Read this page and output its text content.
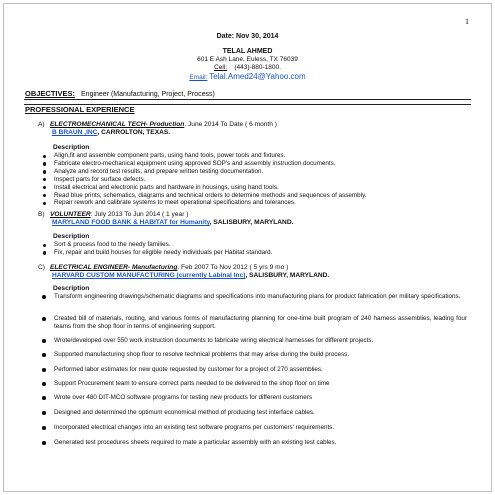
1
Date: Nov 30, 2014
TELAL AHMED
601 E Ash Lane, Euless, TX 76039
Cell: (443)-880-1800.
Email: Telal.Amed24@Yahoo.com
OBJECTIVES: Engineer (Manufacturing, Project, Process)
PROFESSIONAL EXPERIENCE
A) ELECTROMECHANICAL TECH- Production. June 2014 To Date ( 6 month )
B BRAUN ,INC, CARROLTON, TEXAS.
Description
Align,fit and assemble component parts, using hand tools, power tools and fixtures.
Fabricate electro-mechanical equipment using approved SOP's and assembly instruction documents.
Analyze and record test results, and prepare written testing documentation.
Inspect parts for surface defects.
Install electrical and electronic parts and hardware in housings, using hand tools.
Read blue prints, schematics, diagrams and technical orders to determine methods and sequences of assembly.
Repair rework and calibrate systems to meet operational specifications and tolerances.
B) VOLUNTEER: July 2013 To Jun 2014 ( 1 year )
MARYLAND FOOD BANK & HABITAT for Humanity, SALISBURY, MARYLAND.
Description
Sort & process food to the needy families.
Fix, repair and build houses for eligible needy individuals per Habitat standard.
C) ELECTRICAL ENGINEER- Manufacturing. Feb 2007 To Nov 2012 ( 5 yrs 9 mo )
HARVARD CUSTOM MANUFACTURING (currently Labinal Inc), SALISBURY, MARYLAND.
Description
Transform engineering drawings/schematic diagrams and specifications into manufacturing plans for product fabrication per military specifications.
Created bill of materials, routing, and various forms of manufacturing planning for one-time built program of 240 harness assemblies, leading four teams from the shop floor in terms of engineering support.
Wrote/developed over 550 work instruction documents to fabricate wiring electrical harnesses for different projects.
Supported manufacturing shop floor to resolve technical problems that may arise during the build process.
Performed labor estimates for new quote requested by customer for a project of 270 assemblies.
Support Procurement team to ensure correct parts needed to be delivered to the shop floor on time
Wrote over 480 DIT-MCO software programs for testing new products for different customers
Designed and determined the optimum economical method of producing test interface cables.
Incorporated electrical changes into an existing test software programs per customers' requirements.
Generated test procedures sheets required to mate a particular assembly with an existing test cables.
